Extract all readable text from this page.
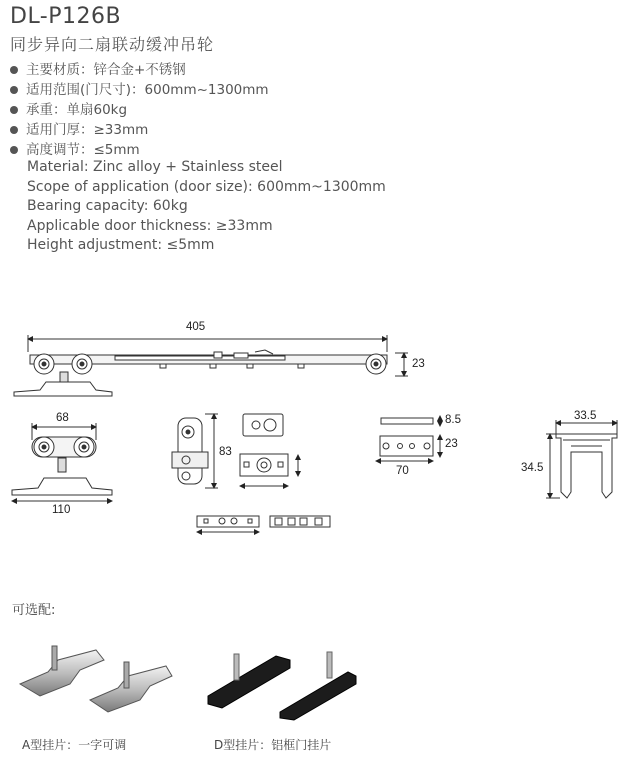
DL-P126B
同步异向二扇联动缓冲吊轮
主要材质：锌合金+不锈钢
适用范围(门尺寸)：600mm~1300mm
承重：单扇60kg
适用门厚：≥33mm
高度调节：≤5mm
Material: Zinc alloy + Stainless steel
Scope of application (door size): 600mm~1300mm
Bearing capacity: 60kg
Applicable door thickness: ≥33mm
Height adjustment: ≤5mm
405
23
68
110
83
8.5
23
70
33.5
34.5
可选配:
A型挂片：一字可调	D型挂片：铝框门挂片
